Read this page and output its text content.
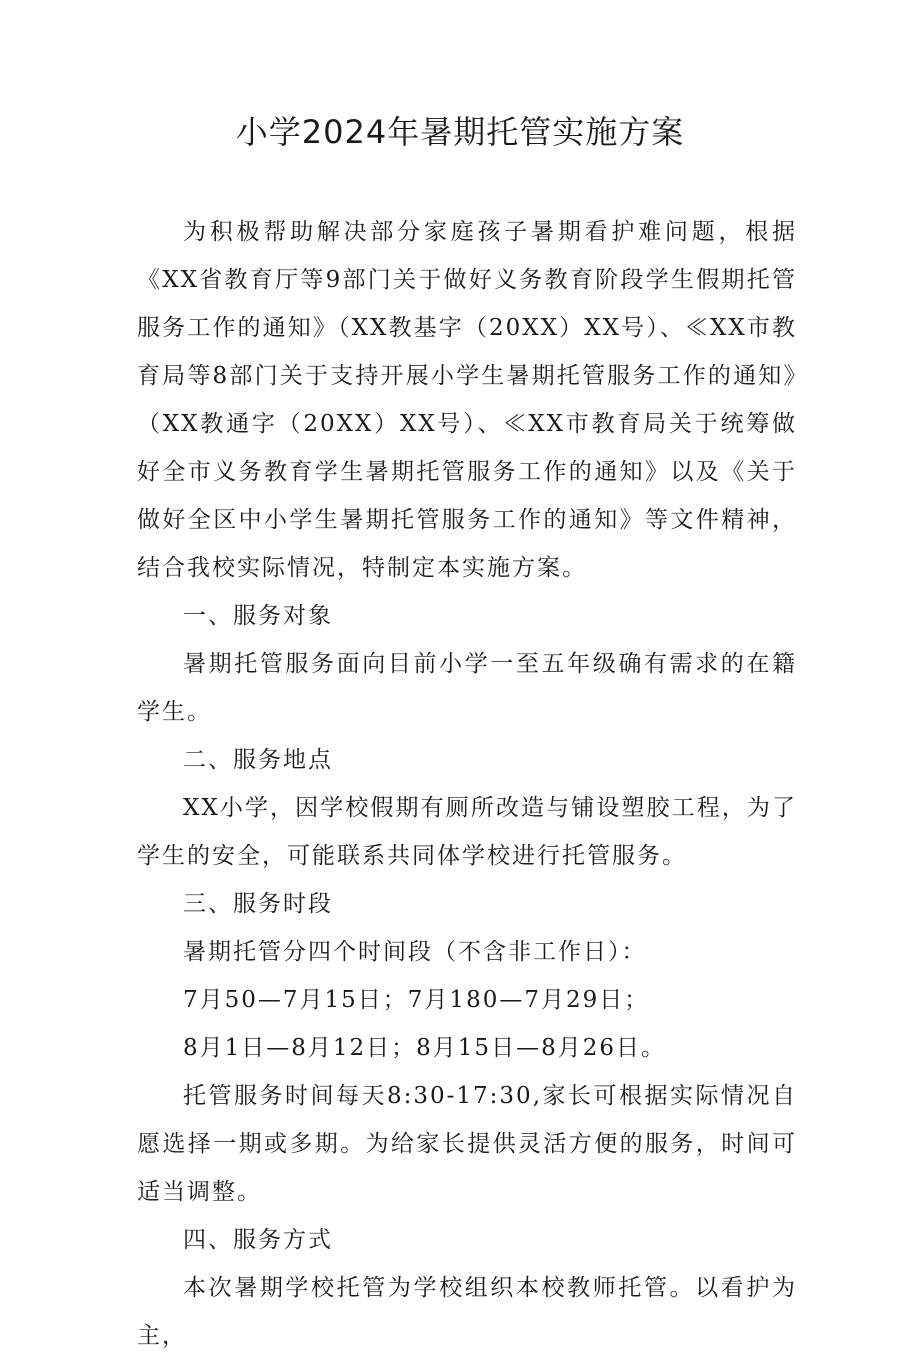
小学2024年暑期托管实施方案

为积极帮助解决部分家庭孩子暑期看护难问题，根据《XX省教育厅等9部门关于做好义务教育阶段学生假期托管服务工作的通知》（XX教基字（20XX）XX号）、≪XX市教育局等8部门关于支持开展小学生暑期托管服务工作的通知》（XX教通字（20XX）XX号）、≪XX市教育局关于统筹做好全市义务教育学生暑期托管服务工作的通知》以及《关于做好全区中小学生暑期托管服务工作的通知》等文件精神，结合我校实际情况，特制定本实施方案。

一、服务对象

暑期托管服务面向目前小学一至五年级确有需求的在籍学生。

二、服务地点

XX小学，因学校假期有厕所改造与铺设塑胶工程，为了学生的安全，可能联系共同体学校进行托管服务。

三、服务时段

暑期托管分四个时间段（不含非工作日）：

7月50—7月15日；7月180—7月29日；

8月1日—8月12日；8月15日—8月26日。

托管服务时间每天8:30-17:30,家长可根据实际情况自愿选择一期或多期。为给家长提供灵活方便的服务，时间可适当调整。

四、服务方式

本次暑期学校托管为学校组织本校教师托管。以看护为主，
